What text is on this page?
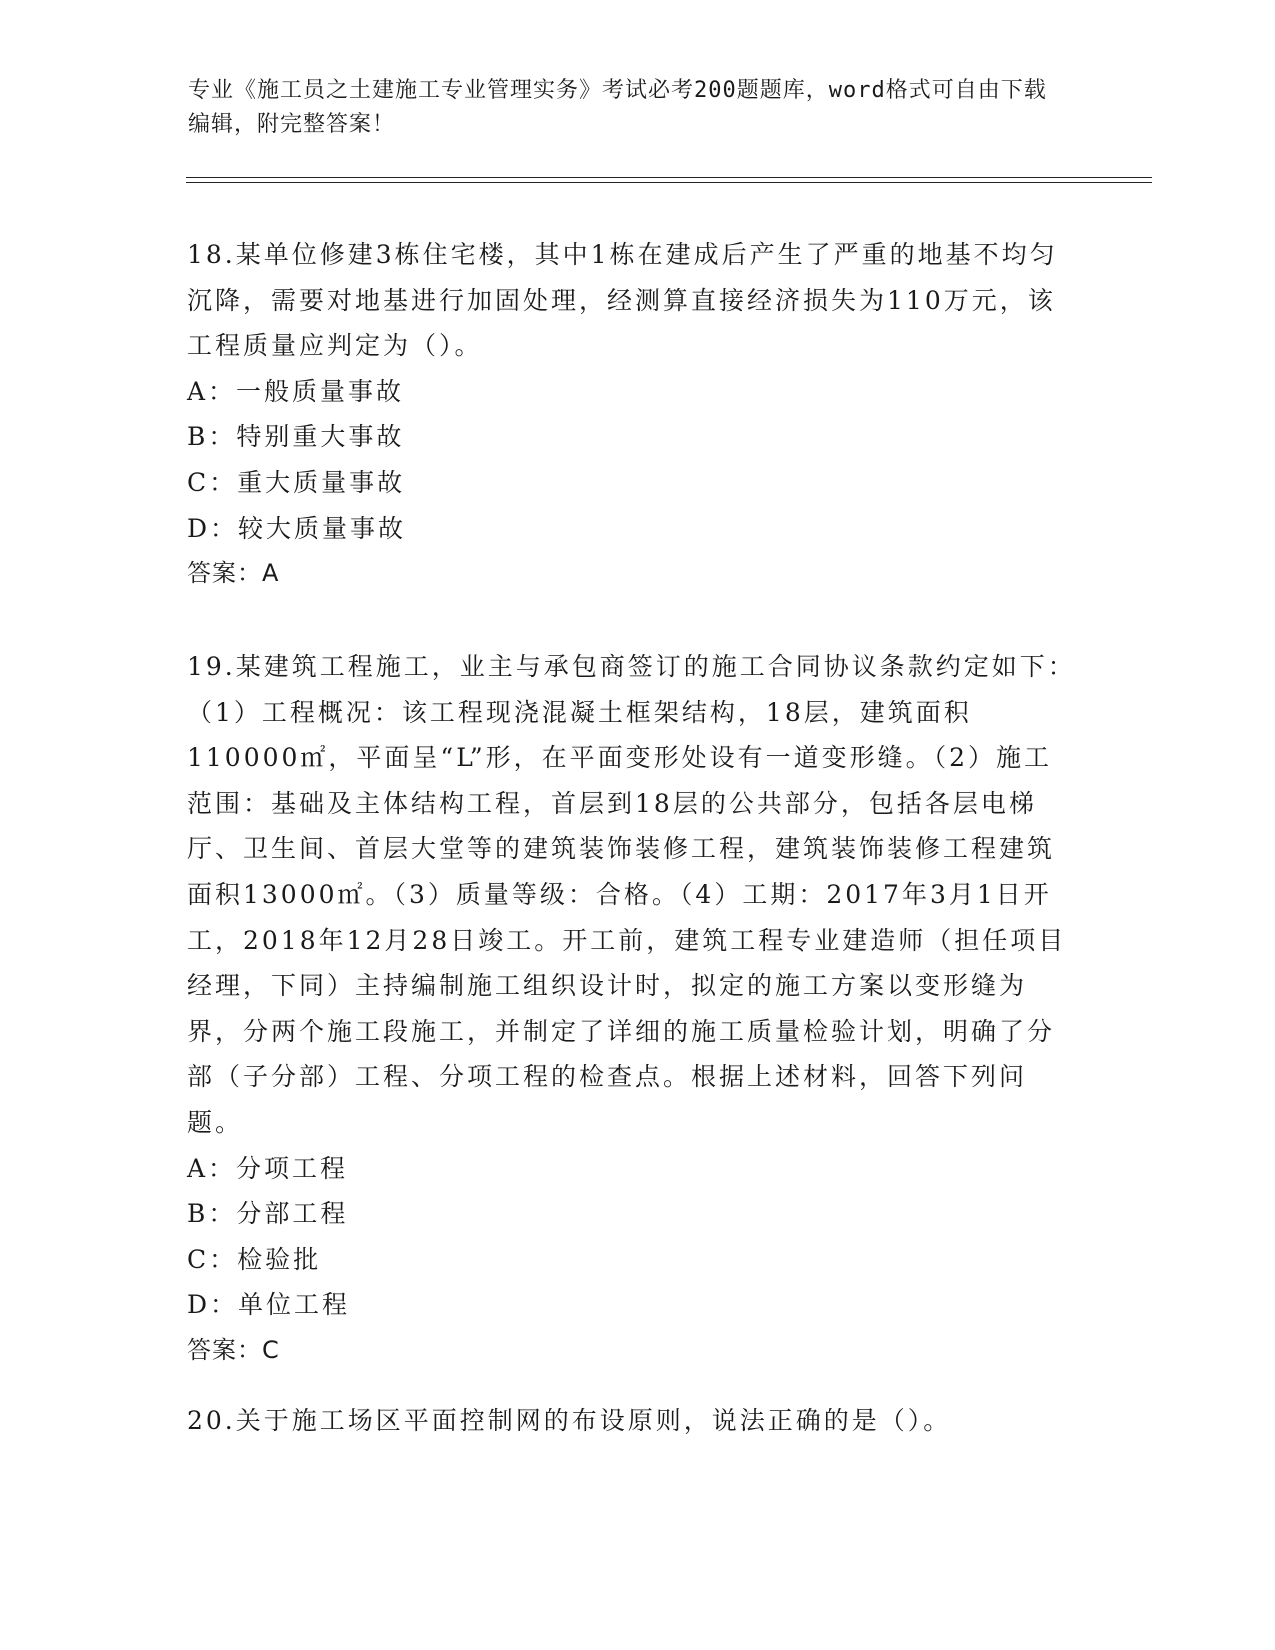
专业《施工员之土建施工专业管理实务》考试必考200题题库，word格式可自由下载编辑，附完整答案！

18.某单位修建3栋住宅楼，其中1栋在建成后产生了严重的地基不均匀沉降，需要对地基进行加固处理，经测算直接经济损失为110万元，该工程质量应判定为（）。

A：一般质量事故

B：特别重大事故

C：重大质量事故

D：较大质量事故

答案：A

19.某建筑工程施工，业主与承包商签订的施工合同协议条款约定如下：（1）工程概况：该工程现浇混凝土框架结构，18层，建筑面积110000㎡，平面呈“L”形，在平面变形处设有一道变形缝。（2）施工范围：基础及主体结构工程，首层到18层的公共部分，包括各层电梯厅、卫生间、首层大堂等的建筑装饰装修工程，建筑装饰装修工程建筑面积13000㎡。（3）质量等级：合格。（4）工期：2017年3月1日开工，2018年12月28日竣工。开工前，建筑工程专业建造师（担任项目经理，下同）主持编制施工组织设计时，拟定的施工方案以变形缝为界，分两个施工段施工，并制定了详细的施工质量检验计划，明确了分部（子分部）工程、分项工程的检查点。根据上述材料，回答下列问题。

A：分项工程

B：分部工程

C：检验批

D：单位工程

答案：C

20.关于施工场区平面控制网的布设原则，说法正确的是（）。
